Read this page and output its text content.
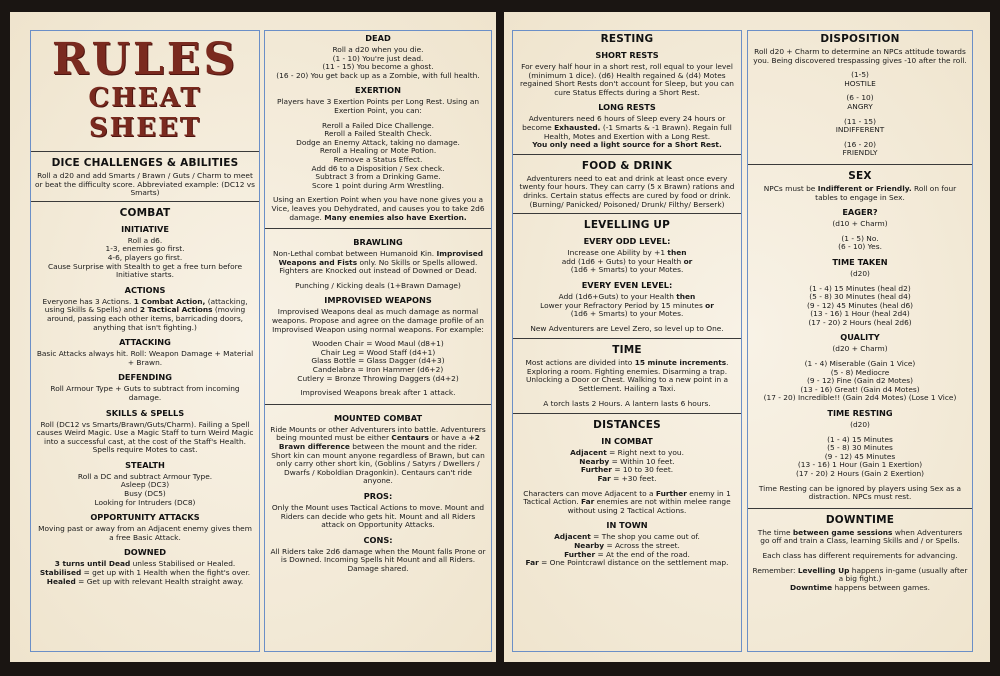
RULES
CHEAT SHEET
DICE CHALLENGES & ABILITIES

Roll a d20 and add Smarts / Brawn / Guts / Charm to meet or beat the difficulty score. Abbreviated example: (DC12 vs Smarts)

COMBAT
INITIATIVE

Roll a d6.

1-3, enemies go first.

4-6, players go first.

Cause Surprise with Stealth to get a free turn before Initiative starts.

ACTIONS
Everyone has 3 Actions. 1 Combat Action, (attacking, using Skills & Spells) and 2 Tactical Actions (moving around, passing each other items, barricading doors, anything that isn't fighting.)
ATTACKING

Basic Attacks always hit. Roll: Weapon Damage + Material + Brawn.

DEFENDING

Roll Armour Type + Guts to subtract from incoming damage.

SKILLS & SPELLS

Roll (DC12 vs Smarts/Brawn/Guts/Charm). Failing a Spell causes Weird Magic. Use a Magic Staff to turn Weird Magic into a successful cast, at the cost of the Staff's Health. Spells require Motes to cast.

STEALTH

Roll a DC and subtract Armour Type.

Asleep (DC3)

Busy (DC5)

Looking for Intruders (DC8)

OPPORTUNITY ATTACKS

Moving past or away from an Adjacent enemy gives them a free Basic Attack.

DOWNED

3 turns until Dead unless Stabilised or Healed.

Stabilised = get up with 1 Health when the fight's over.

Healed = Get up with relevant Health straight away.

DEAD

Roll a d20 when you die.

(1 - 10) You're just dead.

(11 - 15) You become a ghost.

(16 - 20) You get back up as a Zombie, with full health.

EXERTION

Players have 3 Exertion Points per Long Rest. Using an Exertion Point, you can:

Reroll a Failed Dice Challenge.

Reroll a Failed Stealth Check.

Dodge an Enemy Attack, taking no damage.

Reroll a Healing or Mote Potion.

Remove a Status Effect.

Add d6 to a Disposition / Sex check.

Subtract 3 from a Drinking Game.

Score 1 point during Arm Wrestling.

Using an Exertion Point when you have none gives you a Vice, leaves you Dehydrated, and causes you to take 2d6 damage. Many enemies also have Exertion.

BRAWLING

Non-Lethal combat between Humanoid Kin. Improvised Weapons and Fists only. No Skills or Spells allowed. Fighters are Knocked out instead of Downed or Dead.

Punching / Kicking deals (1+Brawn Damage)

IMPROVISED WEAPONS

Improvised Weapons deal as much damage as normal weapons. Propose and agree on the damage profile of an Improvised Weapon using normal weapons. For example:

Wooden Chair = Wood Maul (d8+1)

Chair Leg = Wood Staff (d4+1)

Glass Bottle = Glass Dagger (d4+3)

Candelabra = Iron Hammer (d6+2)

Cutlery = Bronze Throwing Daggers (d4+2)

Improvised Weapons break after 1 attack.

MOUNTED COMBAT

Ride Mounts or other Adventurers into battle. Adventurers being mounted must be either Centaurs or have a +2 Brawn difference between the mount and the rider. Short kin can mount anyone regardless of Brawn, but can only carry other short kin, (Goblins / Satyrs / Dwellers / Dwarfs / Koboldian Dragonkin). Centaurs can't ride anyone.

PROS:

Only the Mount uses Tactical Actions to move. Mount and Riders can decide who gets hit. Mount and all Riders attack on Opportunity Attacks.

CONS:

All Riders take 2d6 damage when the Mount falls Prone or is Downed. Incoming Spells hit Mount and all Riders. Damage shared.

RESTING
SHORT RESTS

For every half hour in a short rest, roll equal to your level (minimum 1 dice). (d6) Health regained & (d4) Motes regained Short Rests don't account for Sleep, but you can cure Status Effects during a Short Rest.

LONG RESTS

Adventurers need 6 hours of Sleep every 24 hours or become Exhausted. (-1 Smarts & -1 Brawn). Regain full Health, Motes and Exertion with a Long Rest.

You only need a light source for a Short Rest.

FOOD & DRINK

Adventurers need to eat and drink at least once every twenty four hours. They can carry (5 x Brawn) rations and drinks. Certain status effects are cured by food or drink. (Burning/ Panicked/ Poisoned/ Drunk/ Filthy/ Berserk)

LEVELLING UP
EVERY ODD LEVEL:

Increase one Ability by +1 then

add (1d6 + Guts) to your Health or

(1d6 + Smarts) to your Motes.

EVERY EVEN LEVEL:

Add (1d6+Guts) to your Health then

Lower your Refractory Period by 15 minutes or

(1d6 + Smarts) to your Motes.

New Adventurers are Level Zero, so level up to One.

TIME

Most actions are divided into 15 minute increments. Exploring a room. Fighting enemies. Disarming a trap. Unlocking a Door or Chest. Walking to a new point in a Settlement. Hailing a Taxi.

A torch lasts 2 Hours. A lantern lasts 6 hours.

DISTANCES
IN COMBAT

Adjacent = Right next to you.

Nearby = Within 10 feet.

Further = 10 to 30 feet.

Far = +30 feet.

Characters can move Adjacent to a Further enemy in 1 Tactical Action. Far enemies are not within melee range without using 2 Tactical Actions.

IN TOWN

Adjacent = The shop you came out of.

Nearby = Across the street.

Further = At the end of the road.

Far = One Pointcrawl distance on the settlement map.

DISPOSITION

Roll d20 + Charm to determine an NPCs attitude towards you. Being discovered trespassing gives -10 after the roll.

(1-5)

HOSTILE

(6 - 10)

ANGRY

(11 - 15)

INDIFFERENT

(16 - 20)

FRIENDLY

SEX

NPCs must be Indifferent or Friendly. Roll on four tables to engage in Sex.

EAGER?

(d10 + Charm)

(1 - 5) No.

(6 - 10) Yes.

TIME TAKEN

(d20)

(1 - 4) 15 Minutes (heal d2)

(5 - 8) 30 Minutes (heal d4)

(9 - 12) 45 Minutes (heal d6)

(13 - 16) 1 Hour (heal 2d4)

(17 - 20) 2 Hours (heal 2d6)

QUALITY

(d20 + Charm)

(1 - 4) Miserable (Gain 1 Vice)

(5 - 8) Mediocre

(9 - 12) Fine (Gain d2 Motes)

(13 - 16) Great! (Gain d4 Motes)

(17 - 20) Incredible!! (Gain 2d4 Motes) (Lose 1 Vice)

TIME RESTING

(d20)

(1 - 4) 15 Minutes

(5 - 8) 30 Minutes

(9 - 12) 45 Minutes

(13 - 16) 1 Hour (Gain 1 Exertion)

(17 - 20) 2 Hours (Gain 2 Exertion)

Time Resting can be ignored by players using Sex as a distraction. NPCs must rest.

DOWNTIME

The time between game sessions when Adventurers go off and train a Class, learning Skills and / or Spells.

Each class has different requirements for advancing.

Remember: Levelling Up happens in-game (usually after a big fight.)

Downtime happens between games.
